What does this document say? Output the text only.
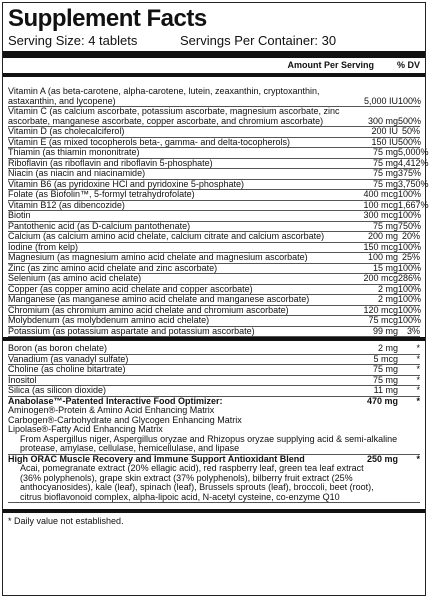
Supplement Facts
Serving Size: 4 tablets	Servings Per Container: 30
Amount Per Serving	% DV
Vitamin A (as beta-carotene, alpha-carotene, lutein, zeaxanthin, cryptoxanthin, astaxanthin, and lycopene)	5,000 IU 100%
Vitamin C (as calcium ascorbate, potassium ascorbate, magnesium ascorbate, zinc ascorbate, manganese ascorbate, copper ascorbate, and chromium ascorbate)	300 mg 500%
Vitamin D (as cholecalciferol)	200 IU 50%
Vitamin E (as mixed tocopherols beta-, gamma- and delta-tocopherols)	150 IU 500%
Thiamin (as thiamin mononitrate)	75 mg 5,000%
Riboflavin (as riboflavin and riboflavin 5-phosphate)	75 mg 4,412%
Niacin (as niacin and niacinamide)	75 mg 375%
Vitamin B6 (as pyridoxine HCl and pyridoxine 5-phosphate)	75 mg 3,750%
Folate (as Biofolin™, 5-formyl tetrahydrofolate)	400 mcg 100%
Vitamin B12 (as dibencozide)	100 mcg 1,667%
Biotin	300 mcg 100%
Pantothenic acid (as D-calcium pantothenate)	75 mg 750%
Calcium (as calcium amino acid chelate, calcium citrate and calcium ascorbate)	200 mg 20%
Iodine (from kelp)	150 mcg 100%
Magnesium (as magnesium amino acid chelate and magnesium ascorbate)	100 mg 25%
Zinc (as zinc amino acid chelate and zinc ascorbate)	15 mg 100%
Selenium (as amino acid chelate)	200 mcg 286%
Copper (as copper amino acid chelate and copper ascorbate)	2 mg 100%
Manganese (as manganese amino acid chelate and manganese ascorbate)	2 mg 100%
Chromium (as chromium amino acid chelate and chromium ascorbate)	120 mcg 100%
Molybdenum (as molybdenum amino acid chelate)	75 mcg 100%
Potassium (as potassium aspartate and potassium ascorbate)	99 mg 3%
Boron (as boron chelate)	2 mg	*
Vanadium (as vanadyl sulfate)	5 mcg	*
Choline (as choline bitartrate)	75 mg	*
Inositol	75 mg	*
Silica (as silicon dioxide)	11 mg	*
Anabolase™-Patented Interactive Food Optimizer:	470 mg	*
Aminogen®-Protein & Amino Acid Enhancing Matrix
Carbogen®-Carbohydrate and Glycogen Enhancing Matrix
Lipolase®-Fatty Acid Enhancing Matrix
From Aspergillus niger, Aspergillus oryzae and Rhizopus oryzae supplying acid & semi-alkaline protease, amylase, cellulase, hemicellulase, and lipase
High ORAC Muscle Recovery and Immune Support Antioxidant Blend	250 mg	*
Acai, pomegranate extract (20% ellagic acid), red raspberry leaf, green tea leaf extract (36% polyphenols), grape skin extract (37% polyphenols), bilberry fruit extract (25% anthocyanosides), kale (leaf), spinach (leaf), Brussels sprouts (leaf), broccoli, beet (root), citrus bioflavonoid complex, alpha-lipoic acid, N-acetyl cysteine, co-enzyme Q10
* Daily value not established.
